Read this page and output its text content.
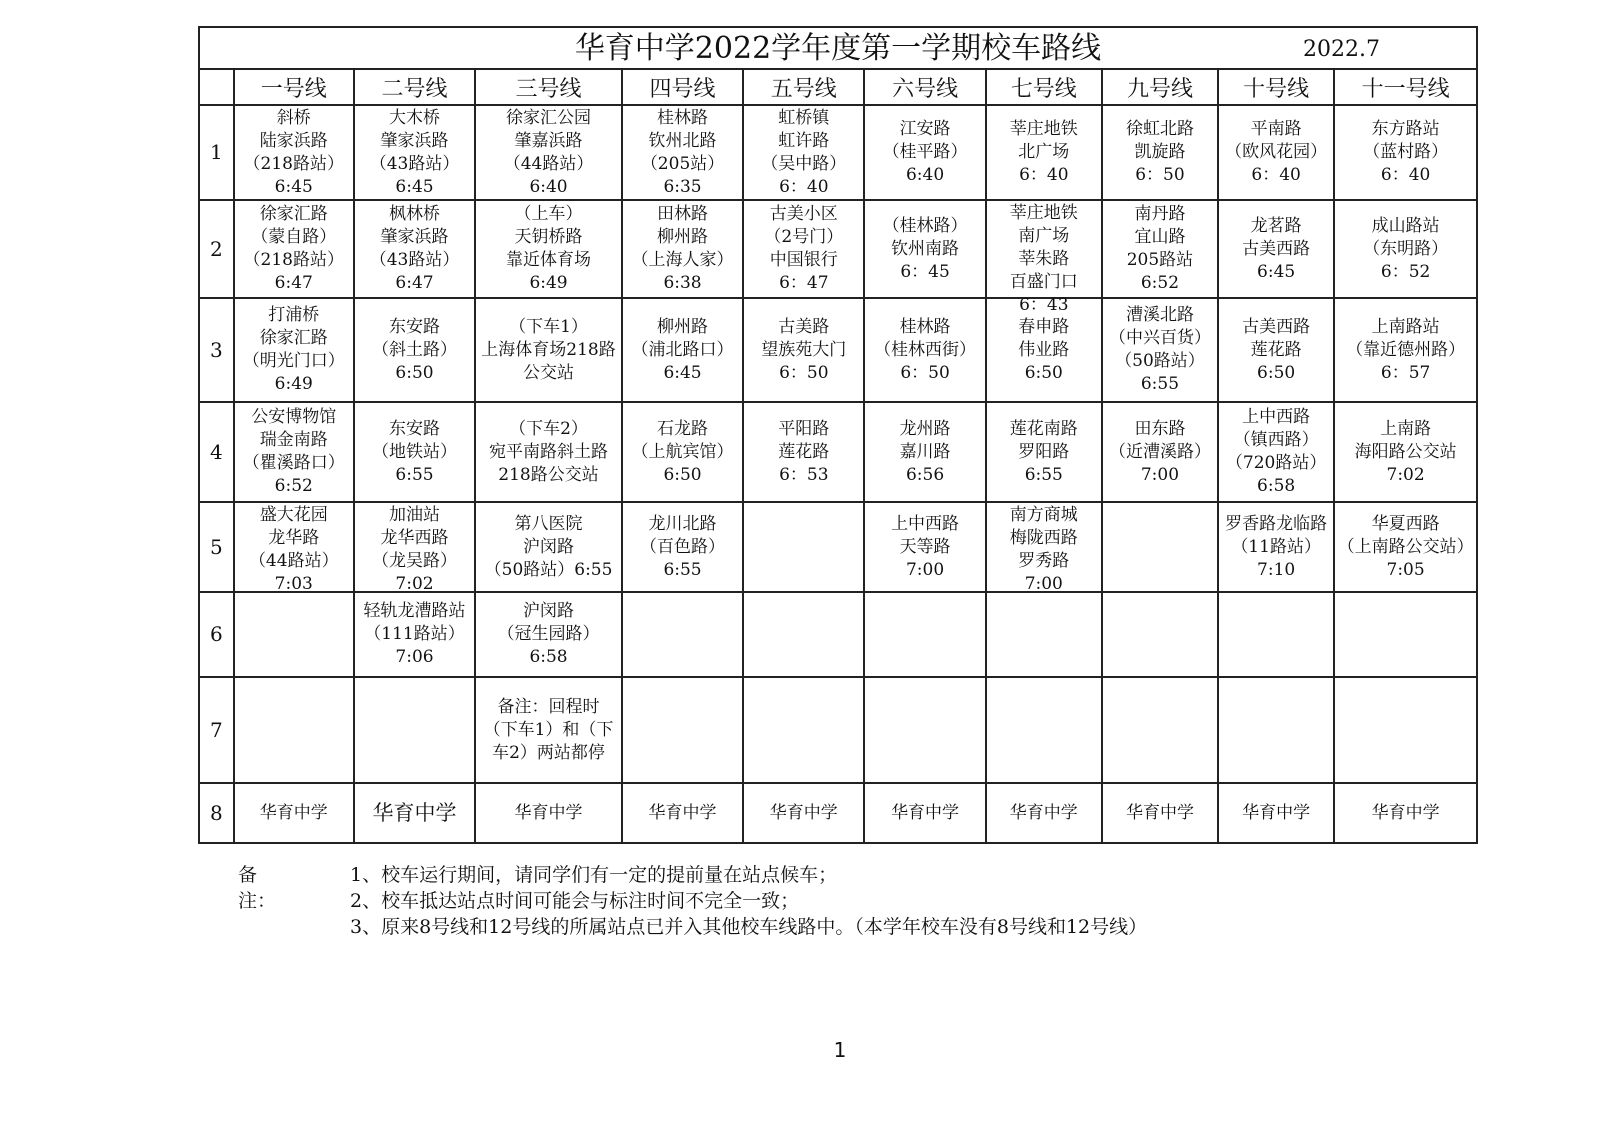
华育中学2022学年度第一学期校车路线	2022.7
	一号线	二号线	三号线	四号线	五号线	六号线	七号线	九号线	十号线	十一号线
1	斜桥
陆家浜路
（218路站）
6:45	大木桥
肇家浜路
（43路站）
6:45	徐家汇公园
肇嘉浜路
（44路站）
6:40	桂林路
钦州北路
（205站）
6:35	虹桥镇
虹许路
（吴中路）
6：40	江安路
（桂平路）
6:40	莘庄地铁
北广场
6：40	徐虹北路
凯旋路
6：50	平南路
（欧风花园）
6：40	东方路站
（蓝村路）
6：40

2	徐家汇路
（蒙自路）
（218路站）
6:47	枫林桥
肇家浜路
（43路站）
6:47	（上车）
天钥桥路
靠近体育场
6:49	田林路
柳州路
（上海人家）
6:38	古美小区
（2号门）
中国银行
6：47	（桂林路）
钦州南路
6：45	莘庄地铁
南广场
莘朱路
百盛门口
6：43	南丹路
宜山路
205路站
6:52	龙茗路
古美西路
6:45	成山路站
（东明路）
6：52

3	打浦桥
徐家汇路
（明光门口）
6:49	东安路
（斜土路）
6:50	（下车1）
上海体育场218路
公交站	柳州路
（浦北路口）
6:45	古美路
望族苑大门
6：50	桂林路
（桂林西街）
6：50	春申路
伟业路
6:50	漕溪北路
（中兴百货）
（50路站）
6:55	古美西路
莲花路
6:50	上南路站
（靠近德州路）
6：57

4	公安博物馆
瑞金南路
（瞿溪路口）
6:52	东安路
（地铁站）
6:55	（下车2）
宛平南路斜土路
218路公交站	石龙路
（上航宾馆）
6:50	平阳路
莲花路
6：53	龙州路
嘉川路
6:56	莲花南路
罗阳路
6:55	田东路
（近漕溪路）
7:00	上中西路
（镇西路）
（720路站）
6:58	上南路
海阳路公交站
7:02

5	盛大花园
龙华路
（44路站）
7:03	加油站
龙华西路
（龙吴路）
7:02	第八医院
沪闵路
（50路站）6:55	龙川北路
（百色路）
6:55		上中西路
天等路
7:00	南方商城
梅陇西路
罗秀路
7:00		罗香路龙临路
（11路站）
7:10	华夏西路
（上南路公交站）
7:05

6		轻轨龙漕路站
（111路站）
7:06	沪闵路
（冠生园路）
6:58							

7			备注：回程时
（下车1）和（下
车2）两站都停							

8	华育中学	华育中学	华育中学	华育中学	华育中学	华育中学	华育中学	华育中学	华育中学	华育中学
备注：
1、校车运行期间，请同学们有一定的提前量在站点候车；
2、校车抵达站点时间可能会与标注时间不完全一致；
3、原来8号线和12号线的所属站点已并入其他校车线路中。（本学年校车没有8号线和12号线）
1
